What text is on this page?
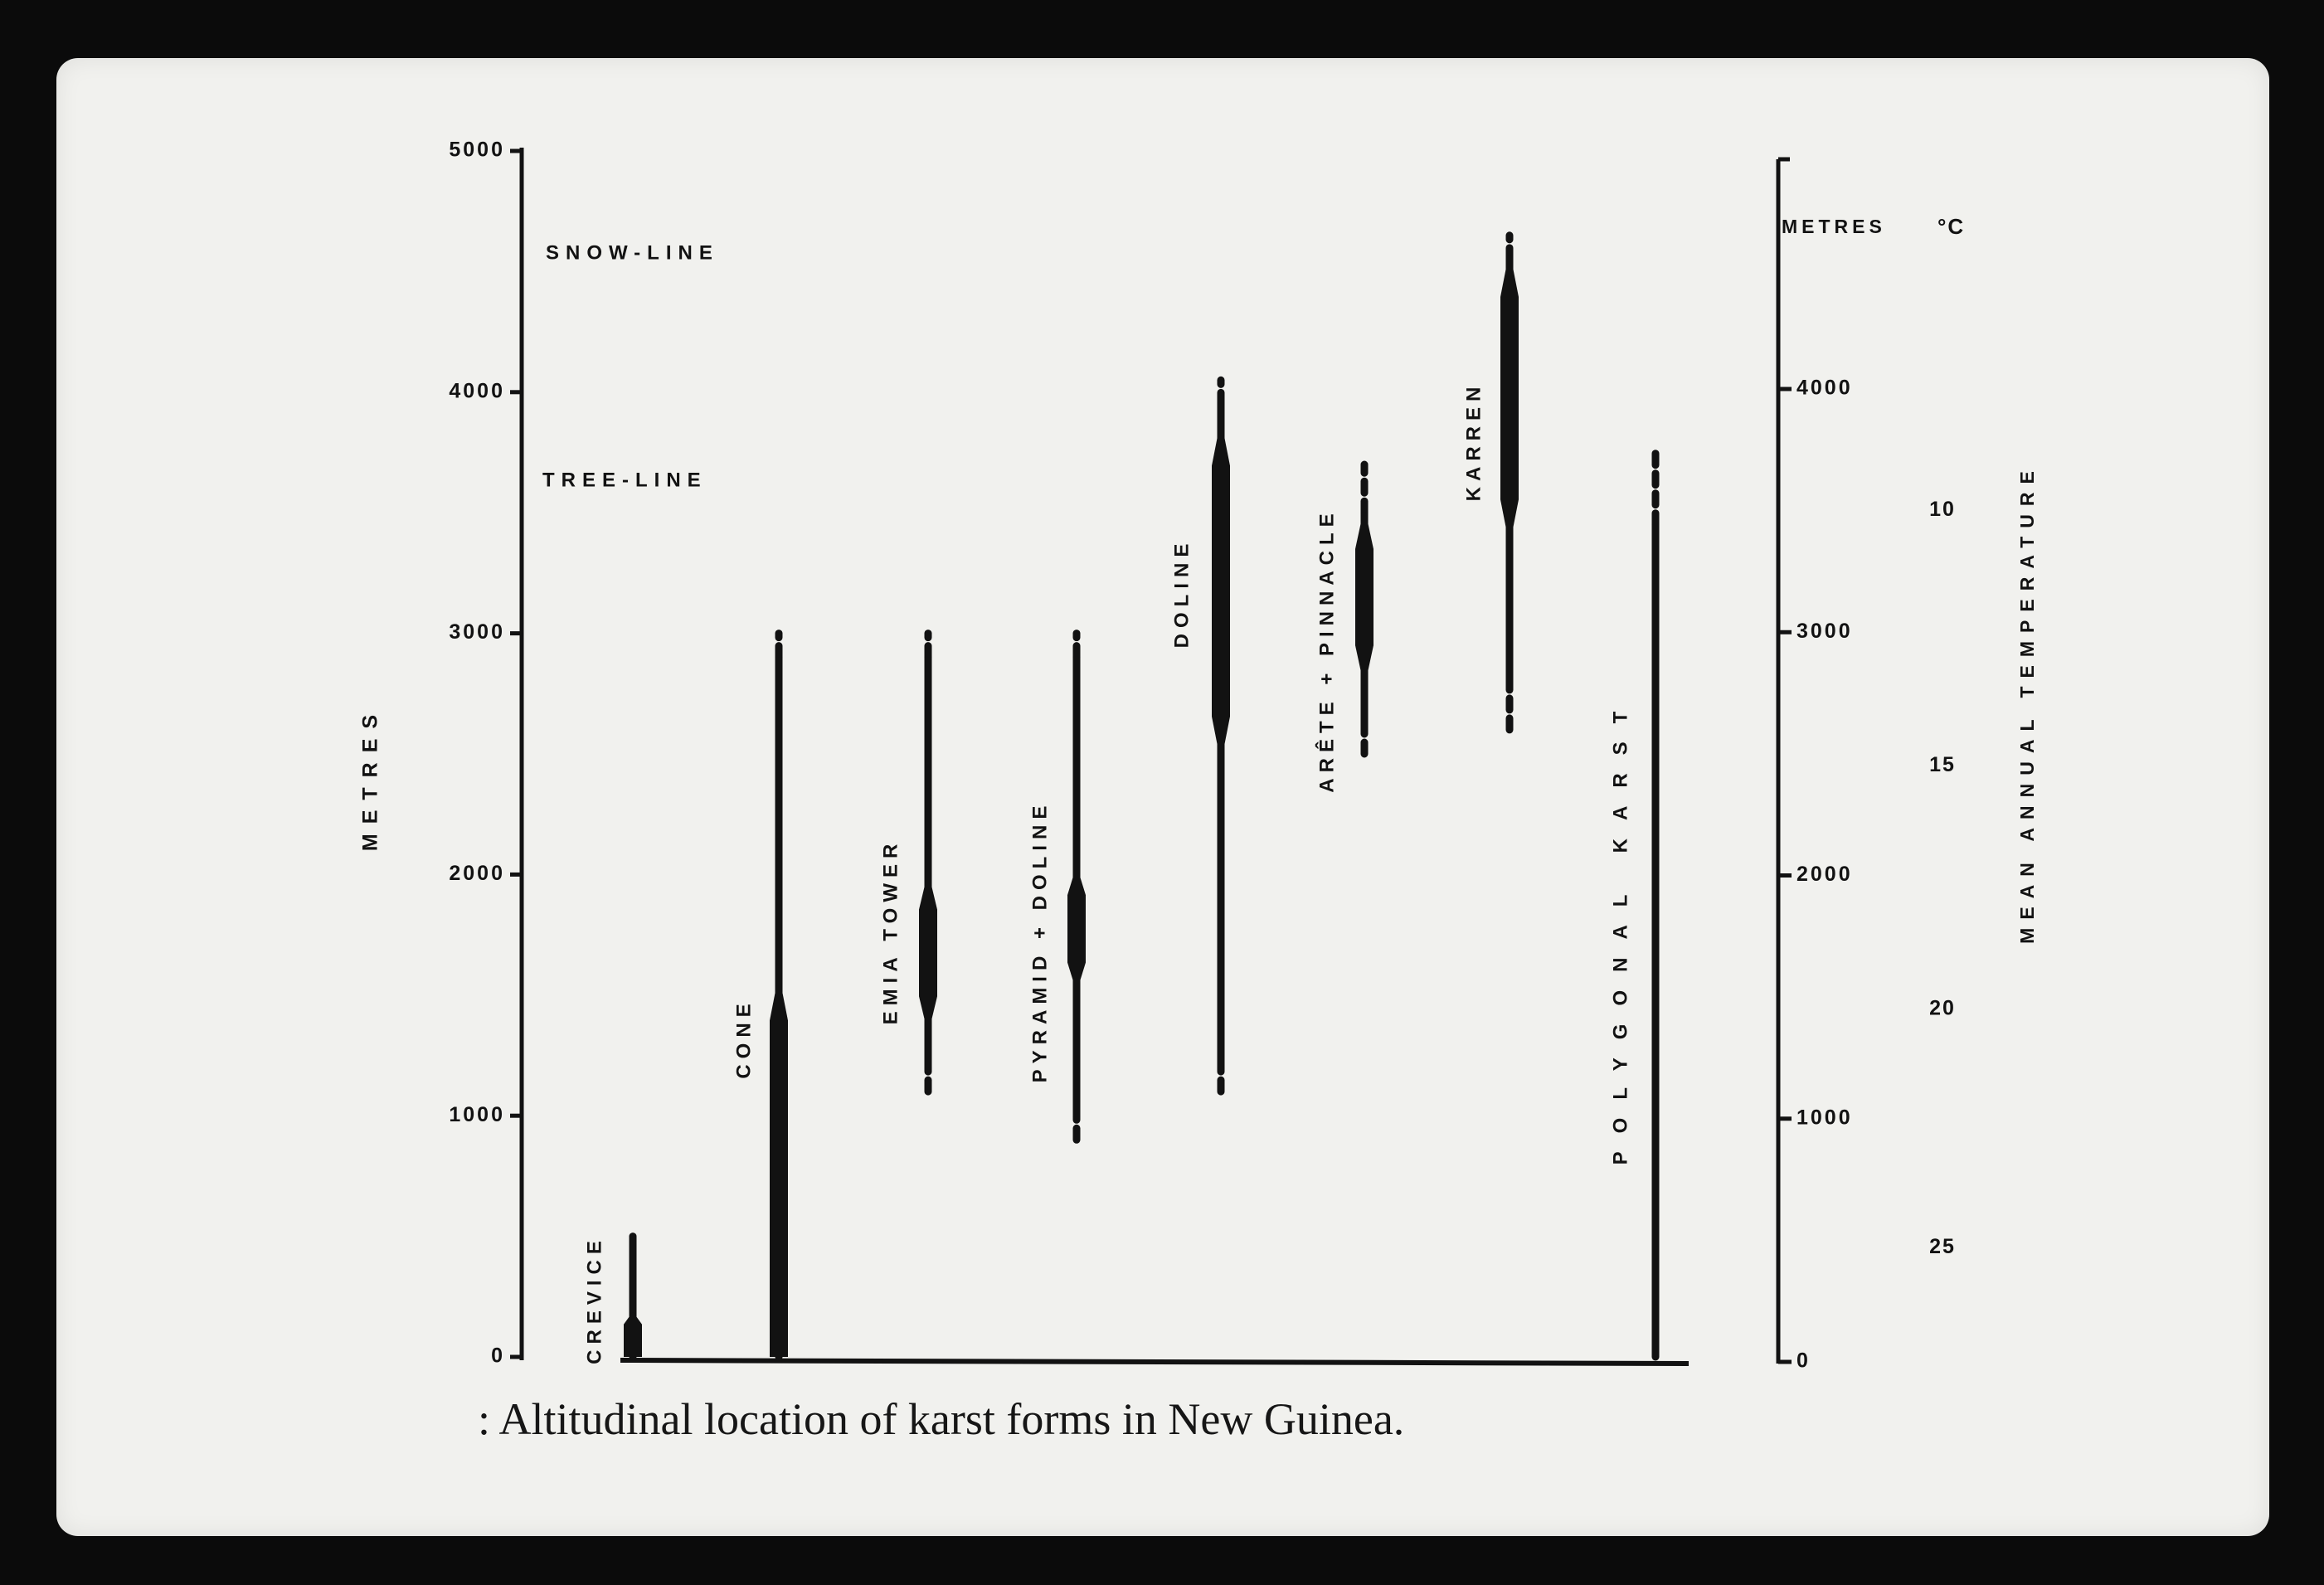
0
1000
2000
3000
4000
5000
METRES
SNOW-LINE
TREE-LINE
0
1000
2000
3000
4000
METRES °C
10
15
20
25
MEAN ANNUAL TEMPERATURE
CREVICE
CONE
EMIA TOWER	PYRAMID + DOLINE
DOLINE	ARÊTE + PINNACLE
KARREN
POLYGONAL KARST
: Altitudinal location of karst forms in New Guinea.
